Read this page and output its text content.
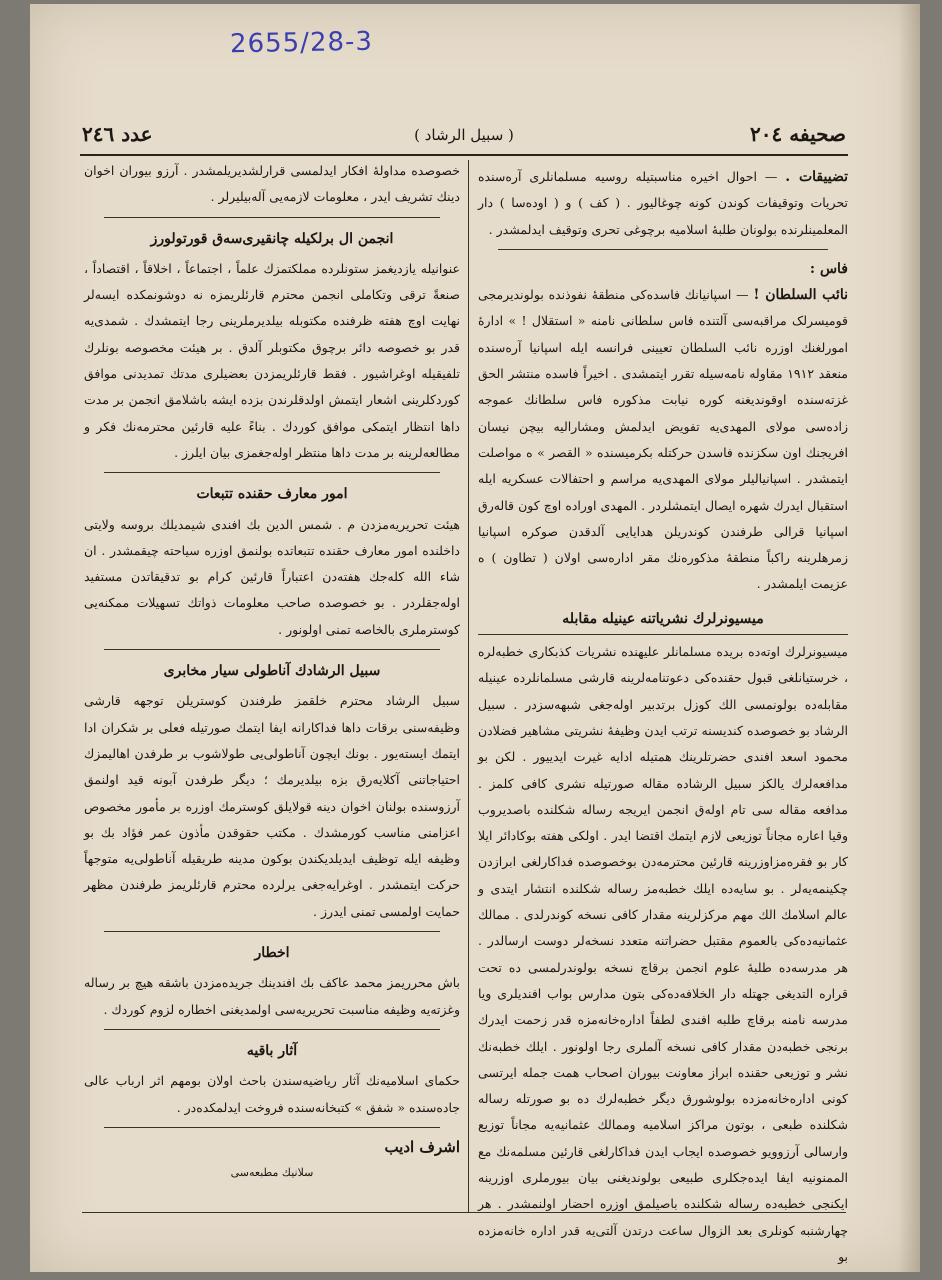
2655/28-3
صحیفه ٢٠٤
( سبیل الرشاد )
عدد ٢٤٦

تضییقات . — احوال اخیره مناسبتیله روسیه مسلمانلری آره‌سنده تحریات وتوقیفات کوندن کونه چوغالیور . ( کف ) و ( اوده‌سا ) دار المعلمینلرنده بولونان طلبه‌ٔ اسلامیه برچوغی تحری وتوقیف ایدلمشدر .

فاس :

نائب السلطان ! — اسپانیانك فاسده‌کی منطقهٔ نفوذنده بولوندیرمجی قومیسرلک مراقبه‌سی آلتنده فاس سلطانی نامنه « استقلال ! » ادارهٔ امورلغنك اوزره نائب السلطان تعیینی فرانسه ایله اسپانیا آره‌سنده منعقد ١٩١٢ مقاوله نامه‌سیله تقرر ایتمشدی . اخیراً فاسده منتشر الحق غزته‌سنده اوقوندیغنه کوره نیابت مذکوره فاس سلطانك عموجه زاده‌سی مولای المهدی‌یه تفویض ایدلمش ومشارالیه بیچن نیسان افریجنك اون سکزنده فاسدن حرکتله بکرمیسنده « القصر » ه مواصلت ایتمشدر . اسپانیالیلر مولای المهدی‌یه مراسم و احتفالات عسکریه ایله استقبال ایدرك شهره ایصال ایتمشلردر . المهدی اوراده اوچ کون قالەرق اسپانیا قرالی طرفندن کوندریلن هدایایی آلدقدن صوکره اسپانیا زمرهلرینه راکباً منطقهٔ مذکوره‌نك مقر اداره‌سی اولان ( تطاون ) ه عزیمت ایلمشدر .

میسیونرلرك نشریاتنه عینیله مقابله

میسیونرلرك اوته‌ده بریده مسلمانلر علیهنده نشریات کذبکاری خطبه‌لره ، خرستیانلغی قبول حقنده‌کی دعوتنامه‌لرینه قارشی مسلمانلرده عینیله مقابله‌ده بولونمسی الك کوزل برتدبیر اوله‌جغی شبهه‌سزدر . سبیل الرشاد بو خصوصده کندیسنه ترتب ایدن وظیفهٔ نشریتی مشاهیر فضلادن محمود اسعد افندی حضرتلرینك همتیله ادایه غیرت ایدییور . لکن بو مدافعه‌لرك یالکز سبیل الرشاده مقاله صورتیله نشری کافی کلمز . مدافعه مقاله‌ سی تام اوله‌ق انجمن ایریجه رساله شکلنده باصدیروب وقیا اعاره مجاناً توزیعی لازم ایتمك اقتضا ایدر . اولکی هفته بوکادائر ایلا کار بو فقره‌مزاوزرینه قارئین محترمه‌دن بوخصوصده فداکارلغی ابرازدن چکینمه‌یه‌لر . بو سایه‌ده ایلك خطبه‌مز رساله شکلنده انتشار ایتدی و عالم اسلامك الك مهم مرکزلرینه مقدار کافی نسخه کوندرلدی . ممالك عثمانیه‌ده‌کی بالعموم مقتبل حضراتنه متعدد نسخه‌لر دوست ارسالدر . هر مدرسه‌ده طلبهٔ علوم انجمن برقاچ نسخه بولوندرلمسی ده تحت قراره التدیغی جهتله دار الخلافه‌ده‌کی بتون مدارس بواب افندیلری ویا مدرسه نامنه برقاچ طلبه افندی لطفاً اداره‌خانه‌مزه قدر زحمت ایدرك برنجی خطبه‌دن مقدار کافی نسخه آلملری رجا اولونور . ایلك خطبه‌نك نشر و توزیعی حقنده ابراز معاونت بیوران اصحاب همت جمله ایرتسی کونی اداره‌خانه‌مزده بولوشورق دیگر خطبه‌لرك ده بو صورتله رساله شکلنده طبعی ، بوتون مراکز اسلامیه وممالك عثمانیه‌یه مجاناً توزیع وارسالی آرزوویو خصوصده ایجاب ایدن فداکارلغی قارئین مسلمه‌نك مع الممنونیه ایفا ایده‌جکلری طبیعی بولوندیغنی بیان بیورملری اوزرینه ایکنجی خطبه‌ده رساله شکلنده باصیلمق اوزره احضار اولنمشدر . هر چهارشنبه کونلری بعد الزوال ساعت درتدن آلتی‌یه قدر اداره خانه‌مزده بو

خصوصده مداوله‌ٔ افکار ایدلمسی قرارلشدیریلمشدر . آرزو بیوران اخوان دینك تشریف ایدر ، معلومات لازمه‌یی آله‌بیلیرلر .

انجمن ال برلکیله چانقیری‌سه‌ق قورتولورز

عنوانیله یازدیغمز ستونلرده مملکتمزك علماً ، اجتماعاً ، اخلاقاً ، اقتصاداً ، صنعةً ترقی وتکاملی انجمن محترم قارئلریمزه نه دوشونمکده ایسه‌لر نهایت اوچ هفته ظرفنده مکتوبله بیلدیرملرینی رجا ایتمشدك . شمدی‌یه قدر بو خصوصه دائر برچوق مکتوبلر آلدق . بر هیئت مخصوصه بونلرك تلفیقیله اوغراشیور . فقط قارئلریمزدن بعضیلری مدتك تمدیدنی موافق کوردکلرینی اشعار ایتمش اولدقلرندن بزده ایشه باشلامق انجمن بر مدت داها انتظار ایتمکی موافق کوردك . بناءً علیه قارئین محترمه‌نك فکر و مطالعه‌لرینه بر مدت داها منتظر اوله‌جغمزی بیان ایلرز .

امور معارف حقنده تتبعات

هیئت تحریریه‌مزدن م . شمس الدین بك افندی شیمدیلك بروسه ولایتی داخلنده امور معارف حقنده تتبعاتده بولنمق اوزره سیاحته چیقمشدر . ان شاء الله کلەجك هفته‌دن اعتباراً قارئین کرام بو تدقیقاتدن مستفید اوله‌جقلردر . بو خصوصده صاحب معلومات ذواتك تسهیلات ممکنه‌یی کوسترملری بالخاصه تمنی اولونور .

سبیل الرشادك آناطولی سیار مخابری

سبیل الرشاد محترم خلقمز طرفندن کوستریلن توجهه قارشی وظیفه‌سنی برقات داها فداکارانه ایفا ایتمك صورتیله فعلی بر شکران ادا ایتمك ایستەیور . بونك ایچون آناطولی‌یی طولاشوب بر طرفدن اهالیمزك احتیاجاتنی آکلایه‌رق بزه بیلدیرمك ؛ دیگر طرفدن آبونه قید اولنمق آرزوسنده بولنان اخوان دینه قولایلق کوسترمك اوزره بر مأمور مخصوص اعزامنی مناسب کورمشدك . مکتب حقوقدن مأذون عمر فؤاد بك بو وظیفه ایله توظیف ایدیلدیکندن بوکون مدینه طریقیله آناطولی‌یه متوجهاً حرکت ایتمشدر . اوغرایه‌جغی یرلرده محترم قارئلریمز طرفندن مظهر حمایت اولمسی تمنی ایدرز .

اخطار

باش محرریمز محمد عاکف بك افندینك جریده‌مزدن باشقه هیچ بر رساله وغزته‌یه وظیفه مناسبت تحریریه‌سی اولمدیغنی اخطاره لزوم کوردك .

آثار باقیه

حکمای اسلامیه‌نك آثار ریاضیه‌سندن باحث اولان بومهم اثر ارباب عالی جاده‌سنده « شفق » کتبخانه‌سنده فروخت ایدلمکده‌در .

اشرف ادیب

سلانیك مطبعه‌سی
